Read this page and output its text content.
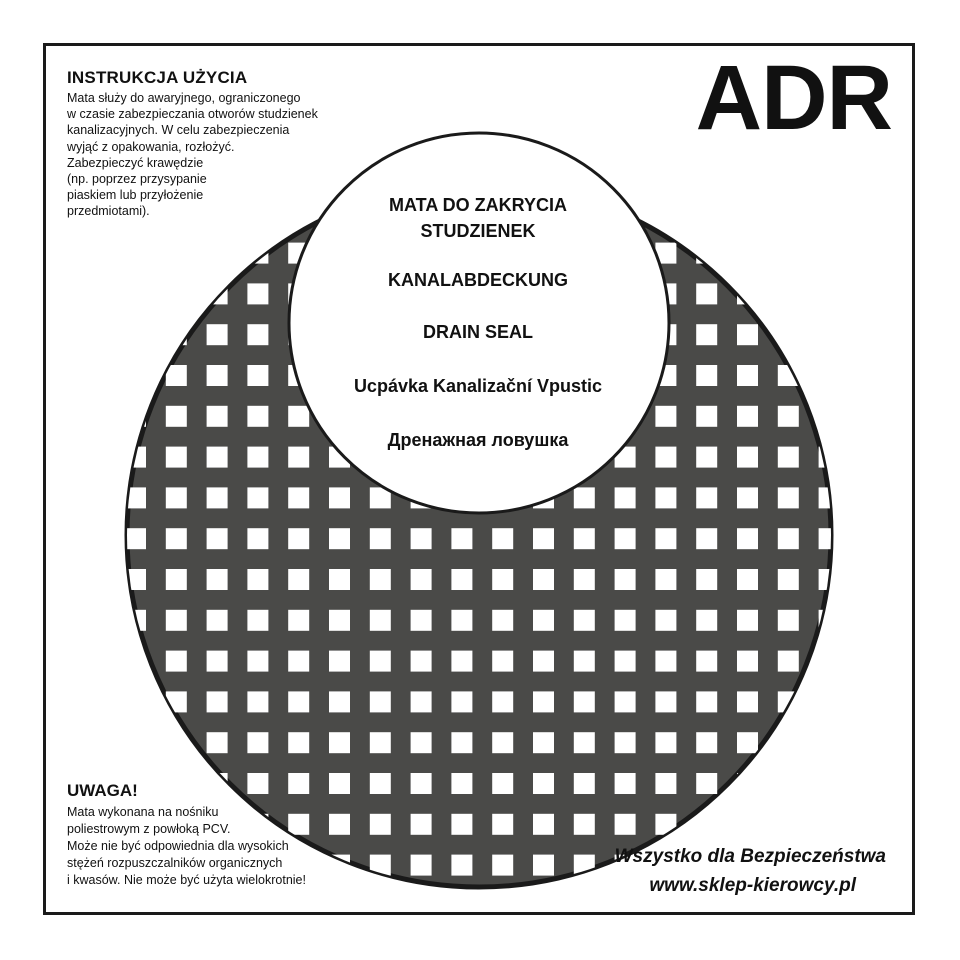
INSTRUKCJA UŻYCIA
Mata służy do awaryjnego, ograniczonego
w czasie zabezpieczania otworów studzienek
kanalizacyjnych. W celu zabezpieczenia
wyjąć z opakowania, rozłożyć.
Zabezpieczyć krawędzie
(np. poprzez przysypanie
piaskiem lub przyłożenie
przedmiotami).
ADR
MATA DO ZAKRYCIA
STUDZIENEK
KANALABDECKUNG
DRAIN SEAL
Ucpávka Kanalizační Vpustic
Дренажная ловушка
UWAGA!
Mata wykonana na nośniku
poliestrowym z powłoką PCV.
Może nie być odpowiednia dla wysokich
stężeń rozpuszczalników organicznych
i kwasów. Nie może być użyta wielokrotnie!
Wszystko dla Bezpieczeństwa
www.sklep-kierowcy.pl
